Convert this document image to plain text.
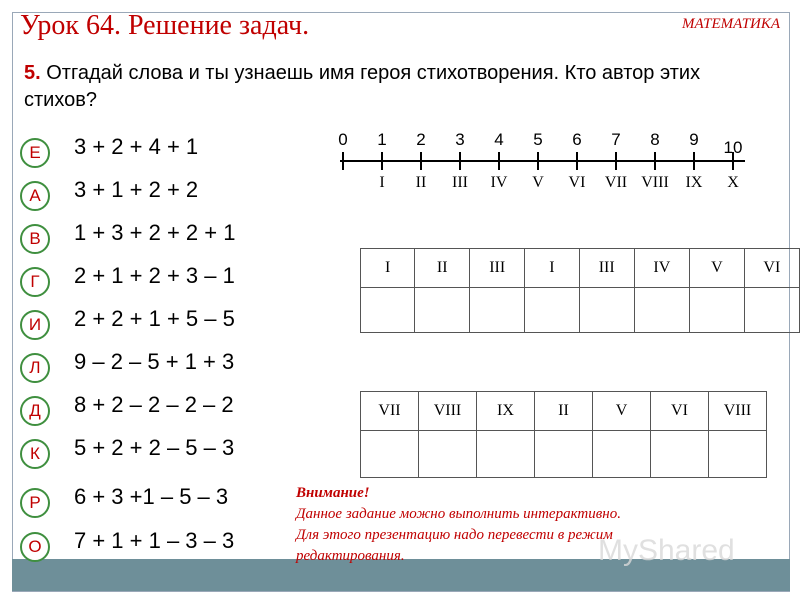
Урок 64. Решение задач.	МАТЕМАТИКА
5. Отгадай слова и ты узнаешь имя героя стихотворения. Кто автор этих стихов?
Е	3 + 2 + 4 + 1
А	3 + 1 + 2 + 2
В	1 + 3 + 2 + 2 + 1
Г	2 + 1 + 2 + 3 – 1
И	2 + 2 + 1 + 5 – 5
Л	9 – 2 – 5 + 1 + 3
Д	8 + 2 – 2 – 2 – 2
К	5 + 2 + 2 – 5 – 3
Р	6 + 3 +1 – 5 – 3
О	7 + 1 + 1 – 3 – 3
0 1 2 3 4 5 6 7 8 9 10
I II III IV V VI VII VIII IX X
I	II	III	I	III	IV	V	VI

VII	VIII	IX	II	V	VI	VIII

Внимание!
Данное задание можно выполнить интерактивно.
Для этого презентацию надо перевести в режим
редактирования.	MyShared
